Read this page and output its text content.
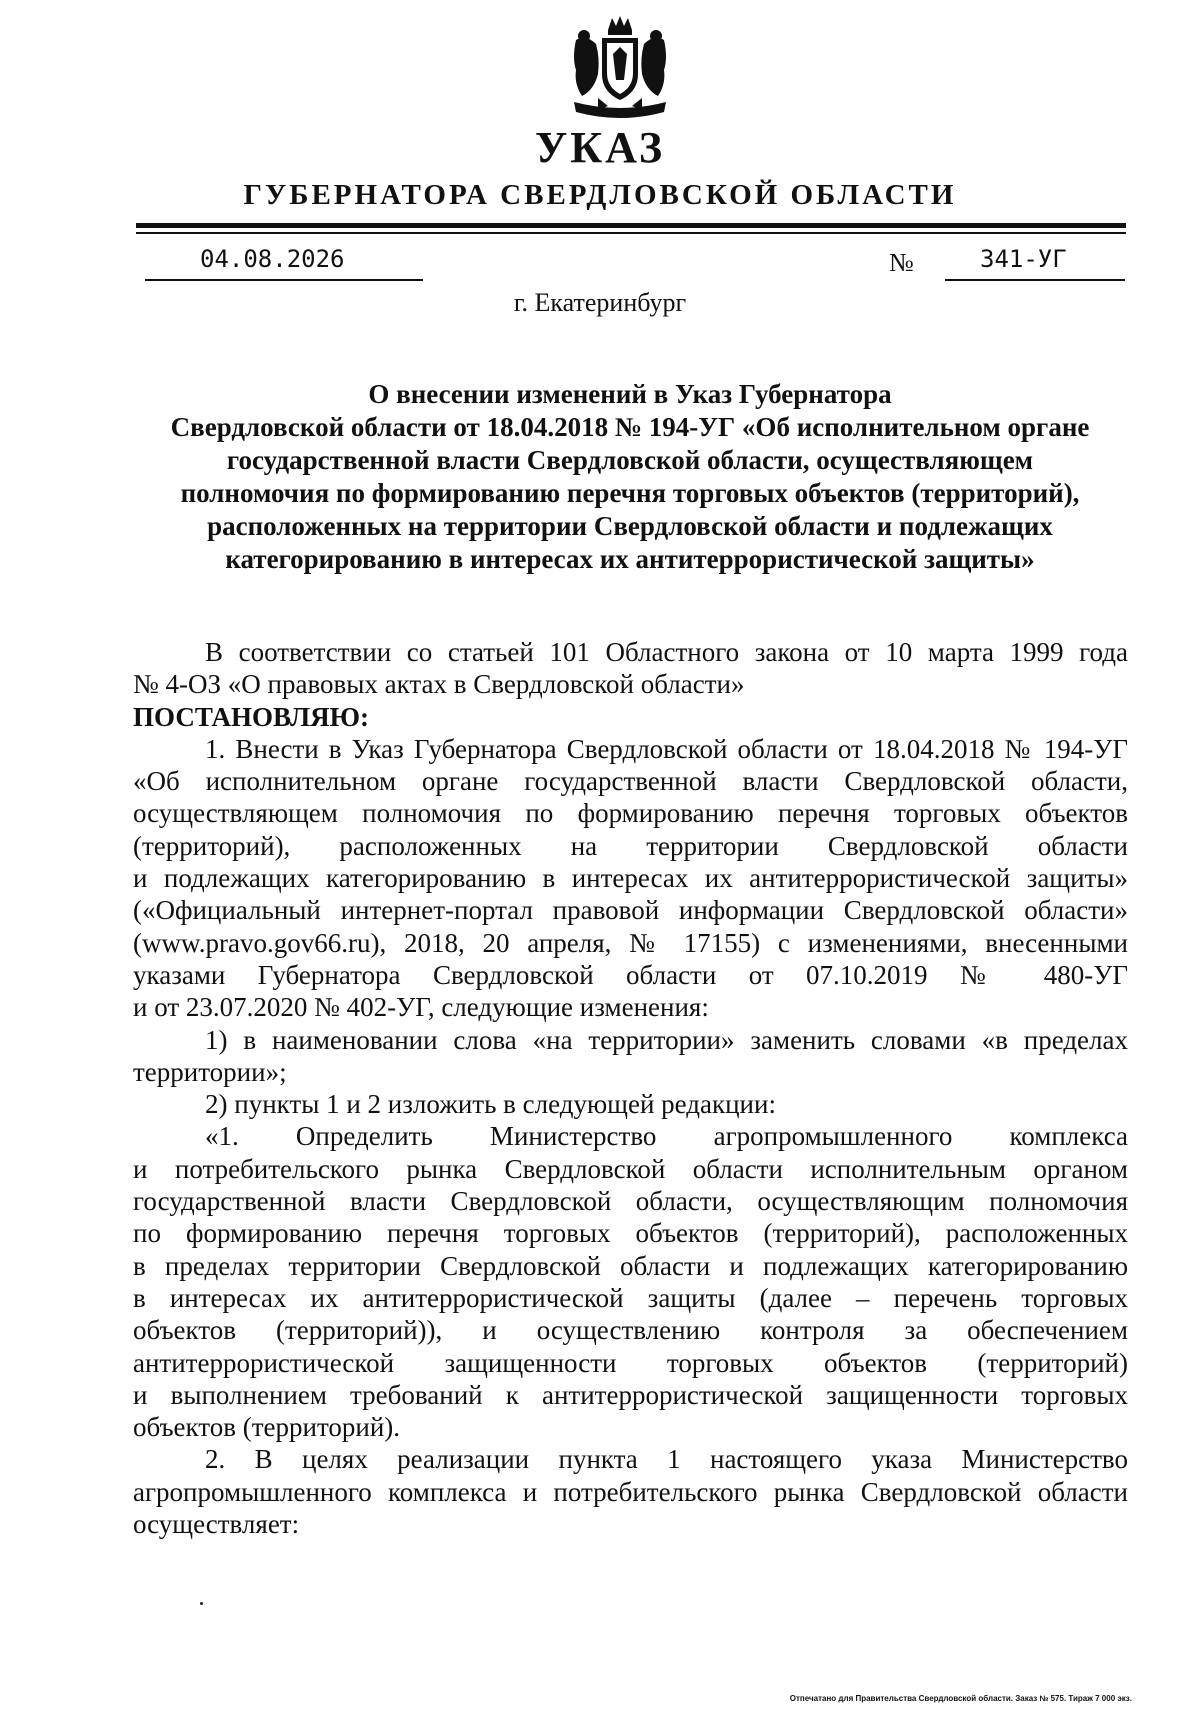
УКАЗ
ГУБЕРНАТОРА СВЕРДЛОВСКОЙ ОБЛАСТИ
04.08.2026	№	341-УГ
г. Екатеринбург
О внесении изменений в Указ Губернатора
Свердловской области от 18.04.2018 № 194-УГ «Об исполнительном органе
государственной власти Свердловской области, осуществляющем
полномочия по формированию перечня торговых объектов (территорий),
расположенных на территории Свердловской области и подлежащих
категорированию в интересах их антитеррористической защиты»
В соответствии со статьей 101 Областного закона от 10 марта 1999 года
№ 4-ОЗ «О правовых актах в Свердловской области»
ПОСТАНОВЛЯЮ:
1. Внести в Указ Губернатора Свердловской области от 18.04.2018 № 194-УГ
«Об исполнительном органе государственной власти Свердловской области,
осуществляющем полномочия по формированию перечня торговых объектов
(территорий), расположенных на территории Свердловской области
и подлежащих категорированию в интересах их антитеррористической защиты»
(«Официальный интернет-портал правовой информации Свердловской области»
(www.pravo.gov66.ru), 2018, 20 апреля, № 17155) с изменениями, внесенными
указами Губернатора Свердловской области от 07.10.2019 № 480-УГ
и от 23.07.2020 № 402-УГ, следующие изменения:
1) в наименовании слова «на территории» заменить словами «в пределах
территории»;
2) пункты 1 и 2 изложить в следующей редакции:
«1. Определить Министерство агропромышленного комплекса
и потребительского рынка Свердловской области исполнительным органом
государственной власти Свердловской области, осуществляющим полномочия
по формированию перечня торговых объектов (территорий), расположенных
в пределах территории Свердловской области и подлежащих категорированию
в интересах их антитеррористической защиты (далее – перечень торговых
объектов (территорий)), и осуществлению контроля за обеспечением
антитеррористической защищенности торговых объектов (территорий)
и выполнением требований к антитеррористической защищенности торговых
объектов (территорий).
2. В целях реализации пункта 1 настоящего указа Министерство
агропромышленного комплекса и потребительского рынка Свердловской области
осуществляет:
Отпечатано для Правительства Свердловской области. Заказ № 575. Тираж 7 000 экз.
